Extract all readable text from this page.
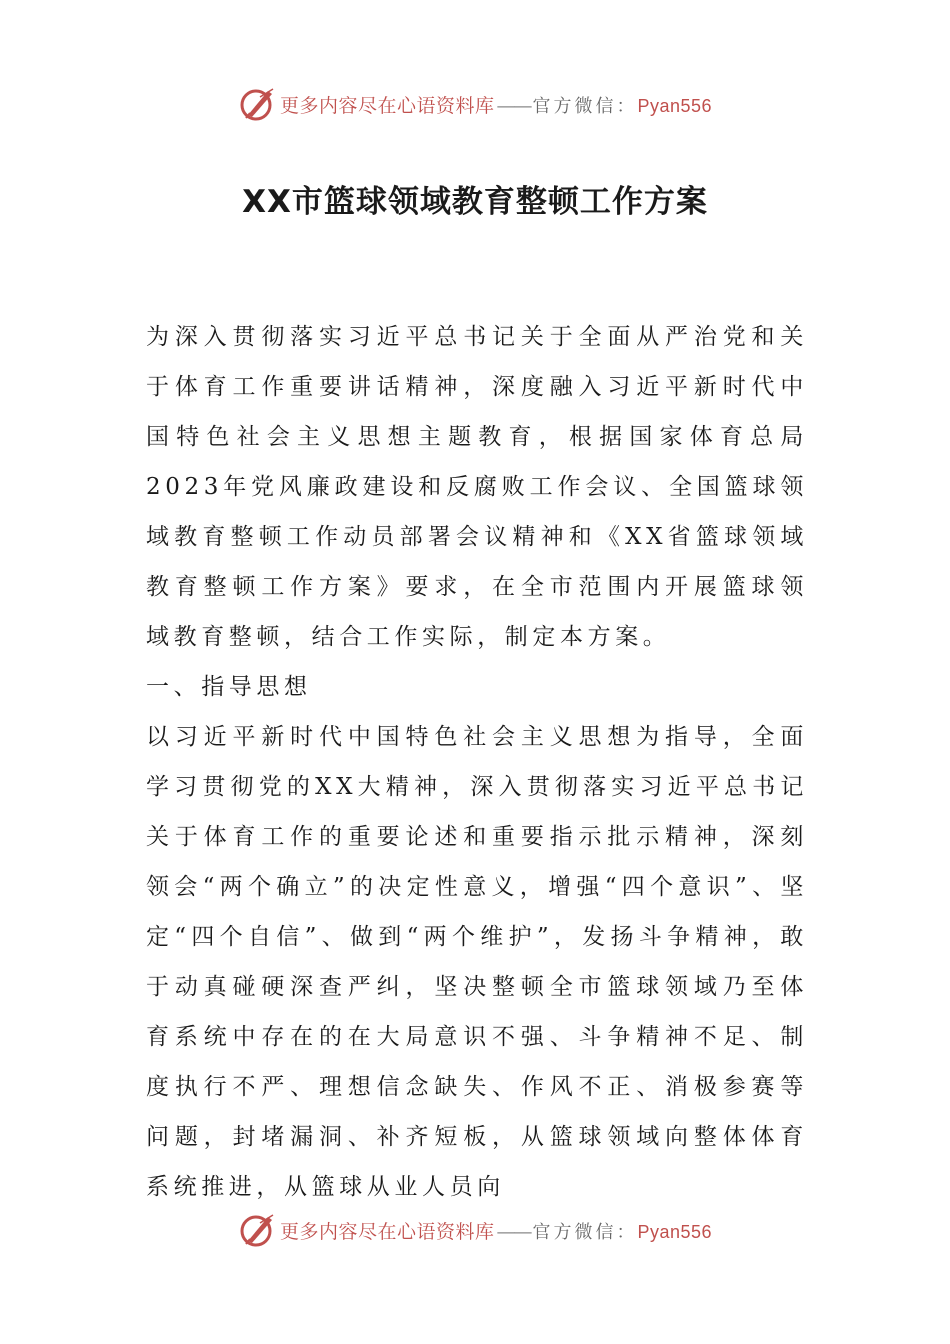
更多内容尽在心语资料库 —— 官方微信：Pyan556
XX市篮球领域教育整顿工作方案

为深入贯彻落实习近平总书记关于全面从严治党和关于体育工作重要讲话精神，深度融入习近平新时代中国特色社会主义思想主题教育，根据国家体育总局2023年党风廉政建设和反腐败工作会议、全国篮球领域教育整顿工作动员部署会议精神和《XX省篮球领域教育整顿工作方案》要求，在全市范围内开展篮球领域教育整顿，结合工作实际，制定本方案。

一、指导思想

以习近平新时代中国特色社会主义思想为指导，全面学习贯彻党的XX大精神，深入贯彻落实习近平总书记关于体育工作的重要论述和重要指示批示精神，深刻领会“两个确立”的决定性意义，增强“四个意识”、坚定“四个自信”、做到“两个维护”，发扬斗争精神，敢于动真碰硬深查严纠，坚决整顿全市篮球领域乃至体育系统中存在的在大局意识不强、斗争精神不足、制度执行不严、理想信念缺失、作风不正、消极参赛等问题，封堵漏洞、补齐短板，从篮球领域向整体体育系统推进，从篮球从业人员向

更多内容尽在心语资料库 —— 官方微信：Pyan556
